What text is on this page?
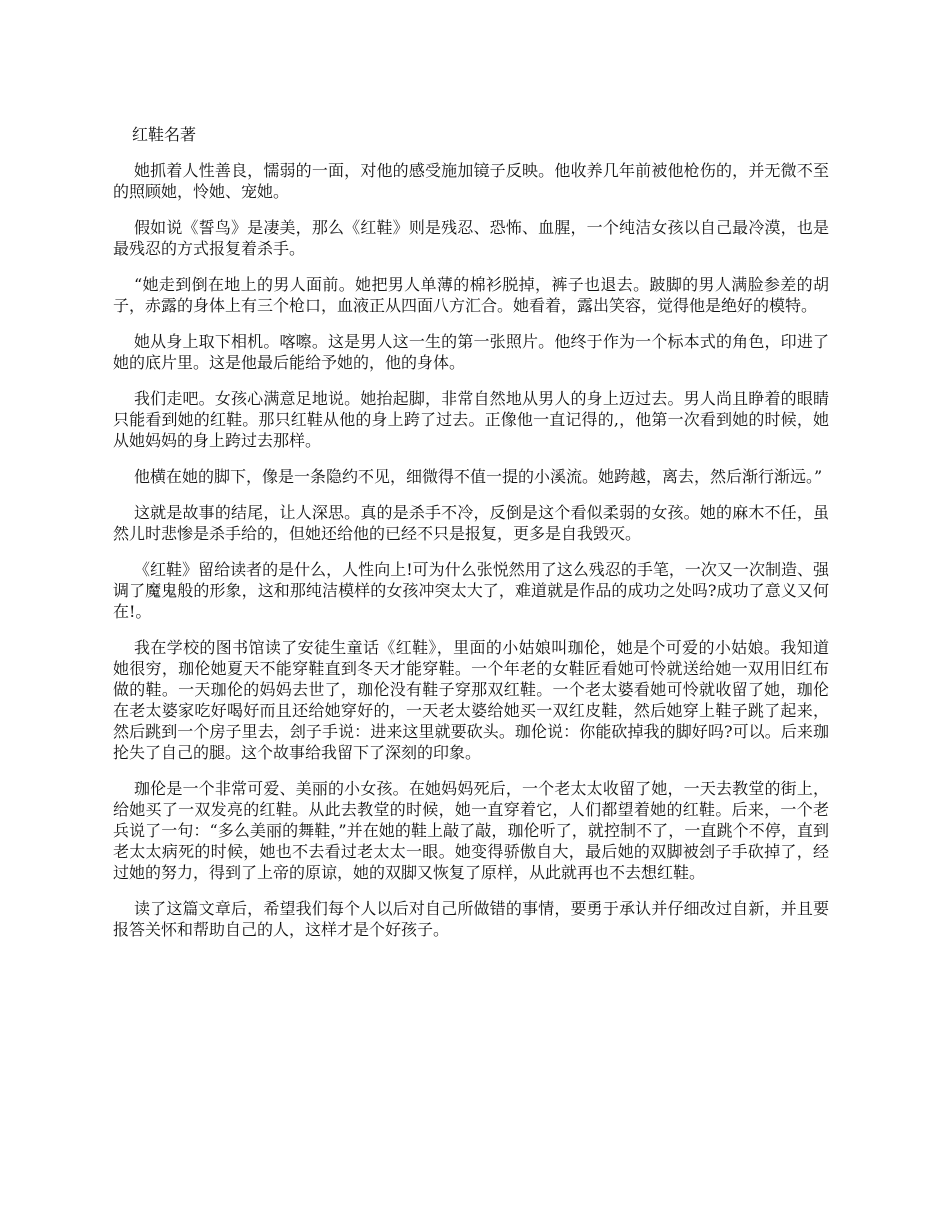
红鞋名著

她抓着人性善良，懦弱的一面，对他的感受施加镜子反映。他收养几年前被他枪伤的，并无微不至的照顾她，怜她、宠她。

假如说《誓鸟》是凄美，那么《红鞋》则是残忍、恐怖、血腥，一个纯洁女孩以自己最冷漠，也是最残忍的方式报复着杀手。

“她走到倒在地上的男人面前。她把男人单薄的棉衫脱掉，裤子也退去。跛脚的男人满脸参差的胡子，赤露的身体上有三个枪口，血液正从四面八方汇合。她看着，露出笑容，觉得他是绝好的模特。

她从身上取下相机。喀嚓。这是男人这一生的第一张照片。他终于作为一个标本式的角色，印进了她的底片里。这是他最后能给予她的，他的身体。

我们走吧。女孩心满意足地说。她抬起脚，非常自然地从男人的身上迈过去。男人尚且睁着的眼睛只能看到她的红鞋。那只红鞋从他的身上跨了过去。正像他一直记得的,，他第一次看到她的时候，她从她妈妈的身上跨过去那样。

他横在她的脚下，像是一条隐约不见，细微得不值一提的小溪流。她跨越，离去，然后渐行渐远。”

这就是故事的结尾，让人深思。真的是杀手不冷，反倒是这个看似柔弱的女孩。她的麻木不任，虽然儿时悲惨是杀手给的，但她还给他的已经不只是报复，更多是自我毁灭。

《红鞋》留给读者的是什么，人性向上!可为什么张悦然用了这么残忍的手笔，一次又一次制造、强调了魔鬼般的形象，这和那纯洁模样的女孩冲突太大了，难道就是作品的成功之处吗?成功了意义又何在!。

我在学校的图书馆读了安徒生童话《红鞋》，里面的小姑娘叫珈伦，她是个可爱的小姑娘。我知道她很穷，珈伦她夏天不能穿鞋直到冬天才能穿鞋。一个年老的女鞋匠看她可怜就送给她一双用旧红布做的鞋。一天珈伦的妈妈去世了，珈伦没有鞋子穿那双红鞋。一个老太婆看她可怜就收留了她，珈伦在老太婆家吃好喝好而且还给她穿好的，一天老太婆给她买一双红皮鞋，然后她穿上鞋子跳了起来，然后跳到一个房子里去，刽子手说：进来这里就要砍头。珈伦说：你能砍掉我的脚好吗?可以。后来珈抡失了自己的腿。这个故事给我留下了深刻的印象。

珈伦是一个非常可爱、美丽的小女孩。在她妈妈死后，一个老太太收留了她，一天去教堂的街上，给她买了一双发亮的红鞋。从此去教堂的时候，她一直穿着它，人们都望着她的红鞋。后来，一个老兵说了一句：“多么美丽的舞鞋，”并在她的鞋上敲了敲，珈伦听了，就控制不了，一直跳个不停，直到老太太病死的时候，她也不去看过老太太一眼。她变得骄傲自大，最后她的双脚被刽子手砍掉了，经过她的努力，得到了上帝的原谅，她的双脚又恢复了原样，从此就再也不去想红鞋。

读了这篇文章后，希望我们每个人以后对自己所做错的事情，要勇于承认并仔细改过自新，并且要报答关怀和帮助自己的人，这样才是个好孩子。
